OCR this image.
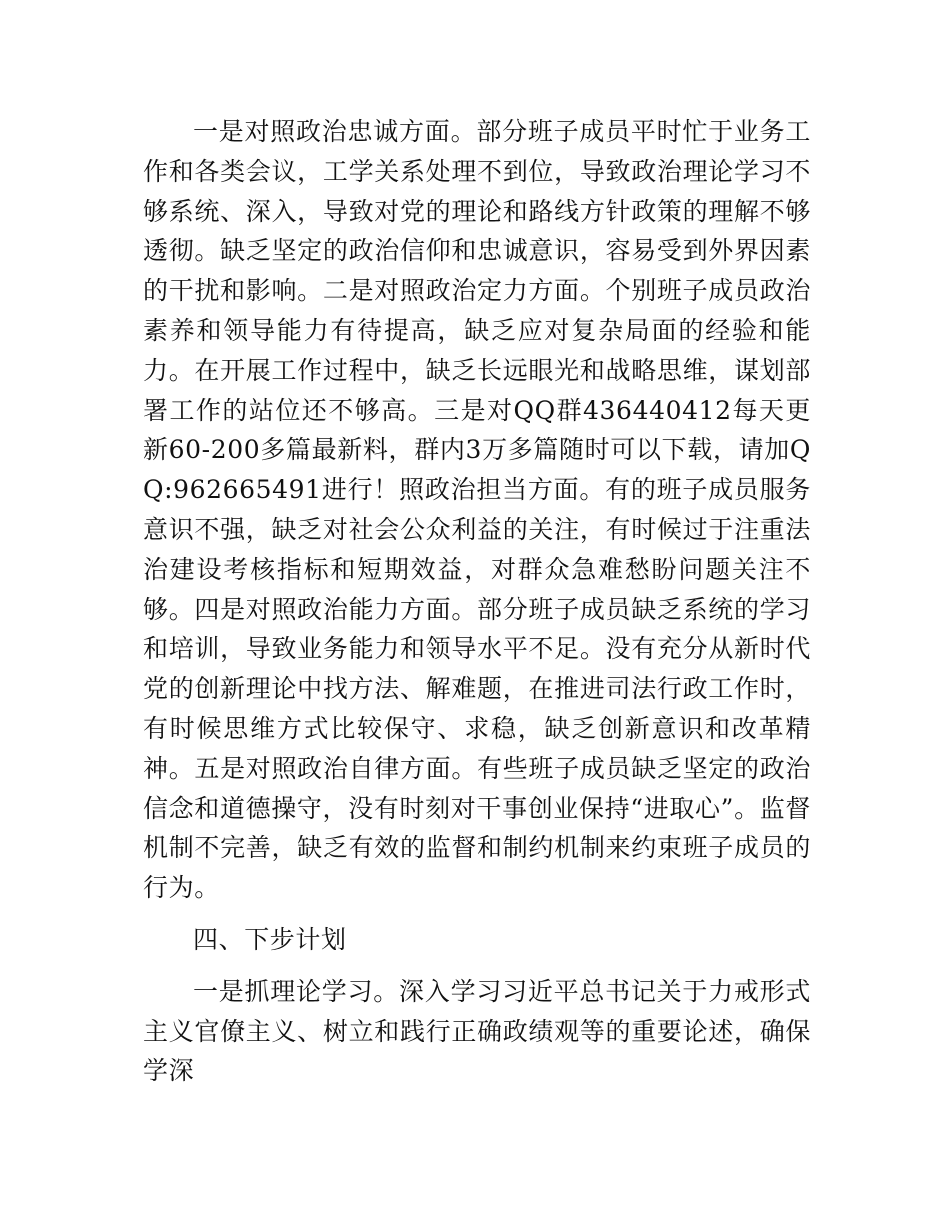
一是对照政治忠诚方面。部分班子成员平时忙于业务工作和各类会议，工学关系处理不到位，导致政治理论学习不够系统、深入，导致对党的理论和路线方针政策的理解不够透彻。缺乏坚定的政治信仰和忠诚意识，容易受到外界因素的干扰和影响。二是对照政治定力方面。个别班子成员政治素养和领导能力有待提高，缺乏应对复杂局面的经验和能力。在开展工作过程中，缺乏长远眼光和战略思维，谋划部署工作的站位还不够高。三是对QQ群436440412每天更新60-200多篇最新料，群内3万多篇随时可以下载，请加QQ:962665491进行！照政治担当方面。有的班子成员服务意识不强，缺乏对社会公众利益的关注，有时候过于注重法治建设考核指标和短期效益，对群众急难愁盼问题关注不够。四是对照政治能力方面。部分班子成员缺乏系统的学习和培训，导致业务能力和领导水平不足。没有充分从新时代党的创新理论中找方法、解难题，在推进司法行政工作时，有时候思维方式比较保守、求稳，缺乏创新意识和改革精神。五是对照政治自律方面。有些班子成员缺乏坚定的政治信念和道德操守，没有时刻对干事创业保持“进取心”。监督机制不完善，缺乏有效的监督和制约机制来约束班子成员的行为。

四、下步计划

一是抓理论学习。深入学习习近平总书记关于力戒形式主义官僚主义、树立和践行正确政绩观等的重要论述，确保学深
